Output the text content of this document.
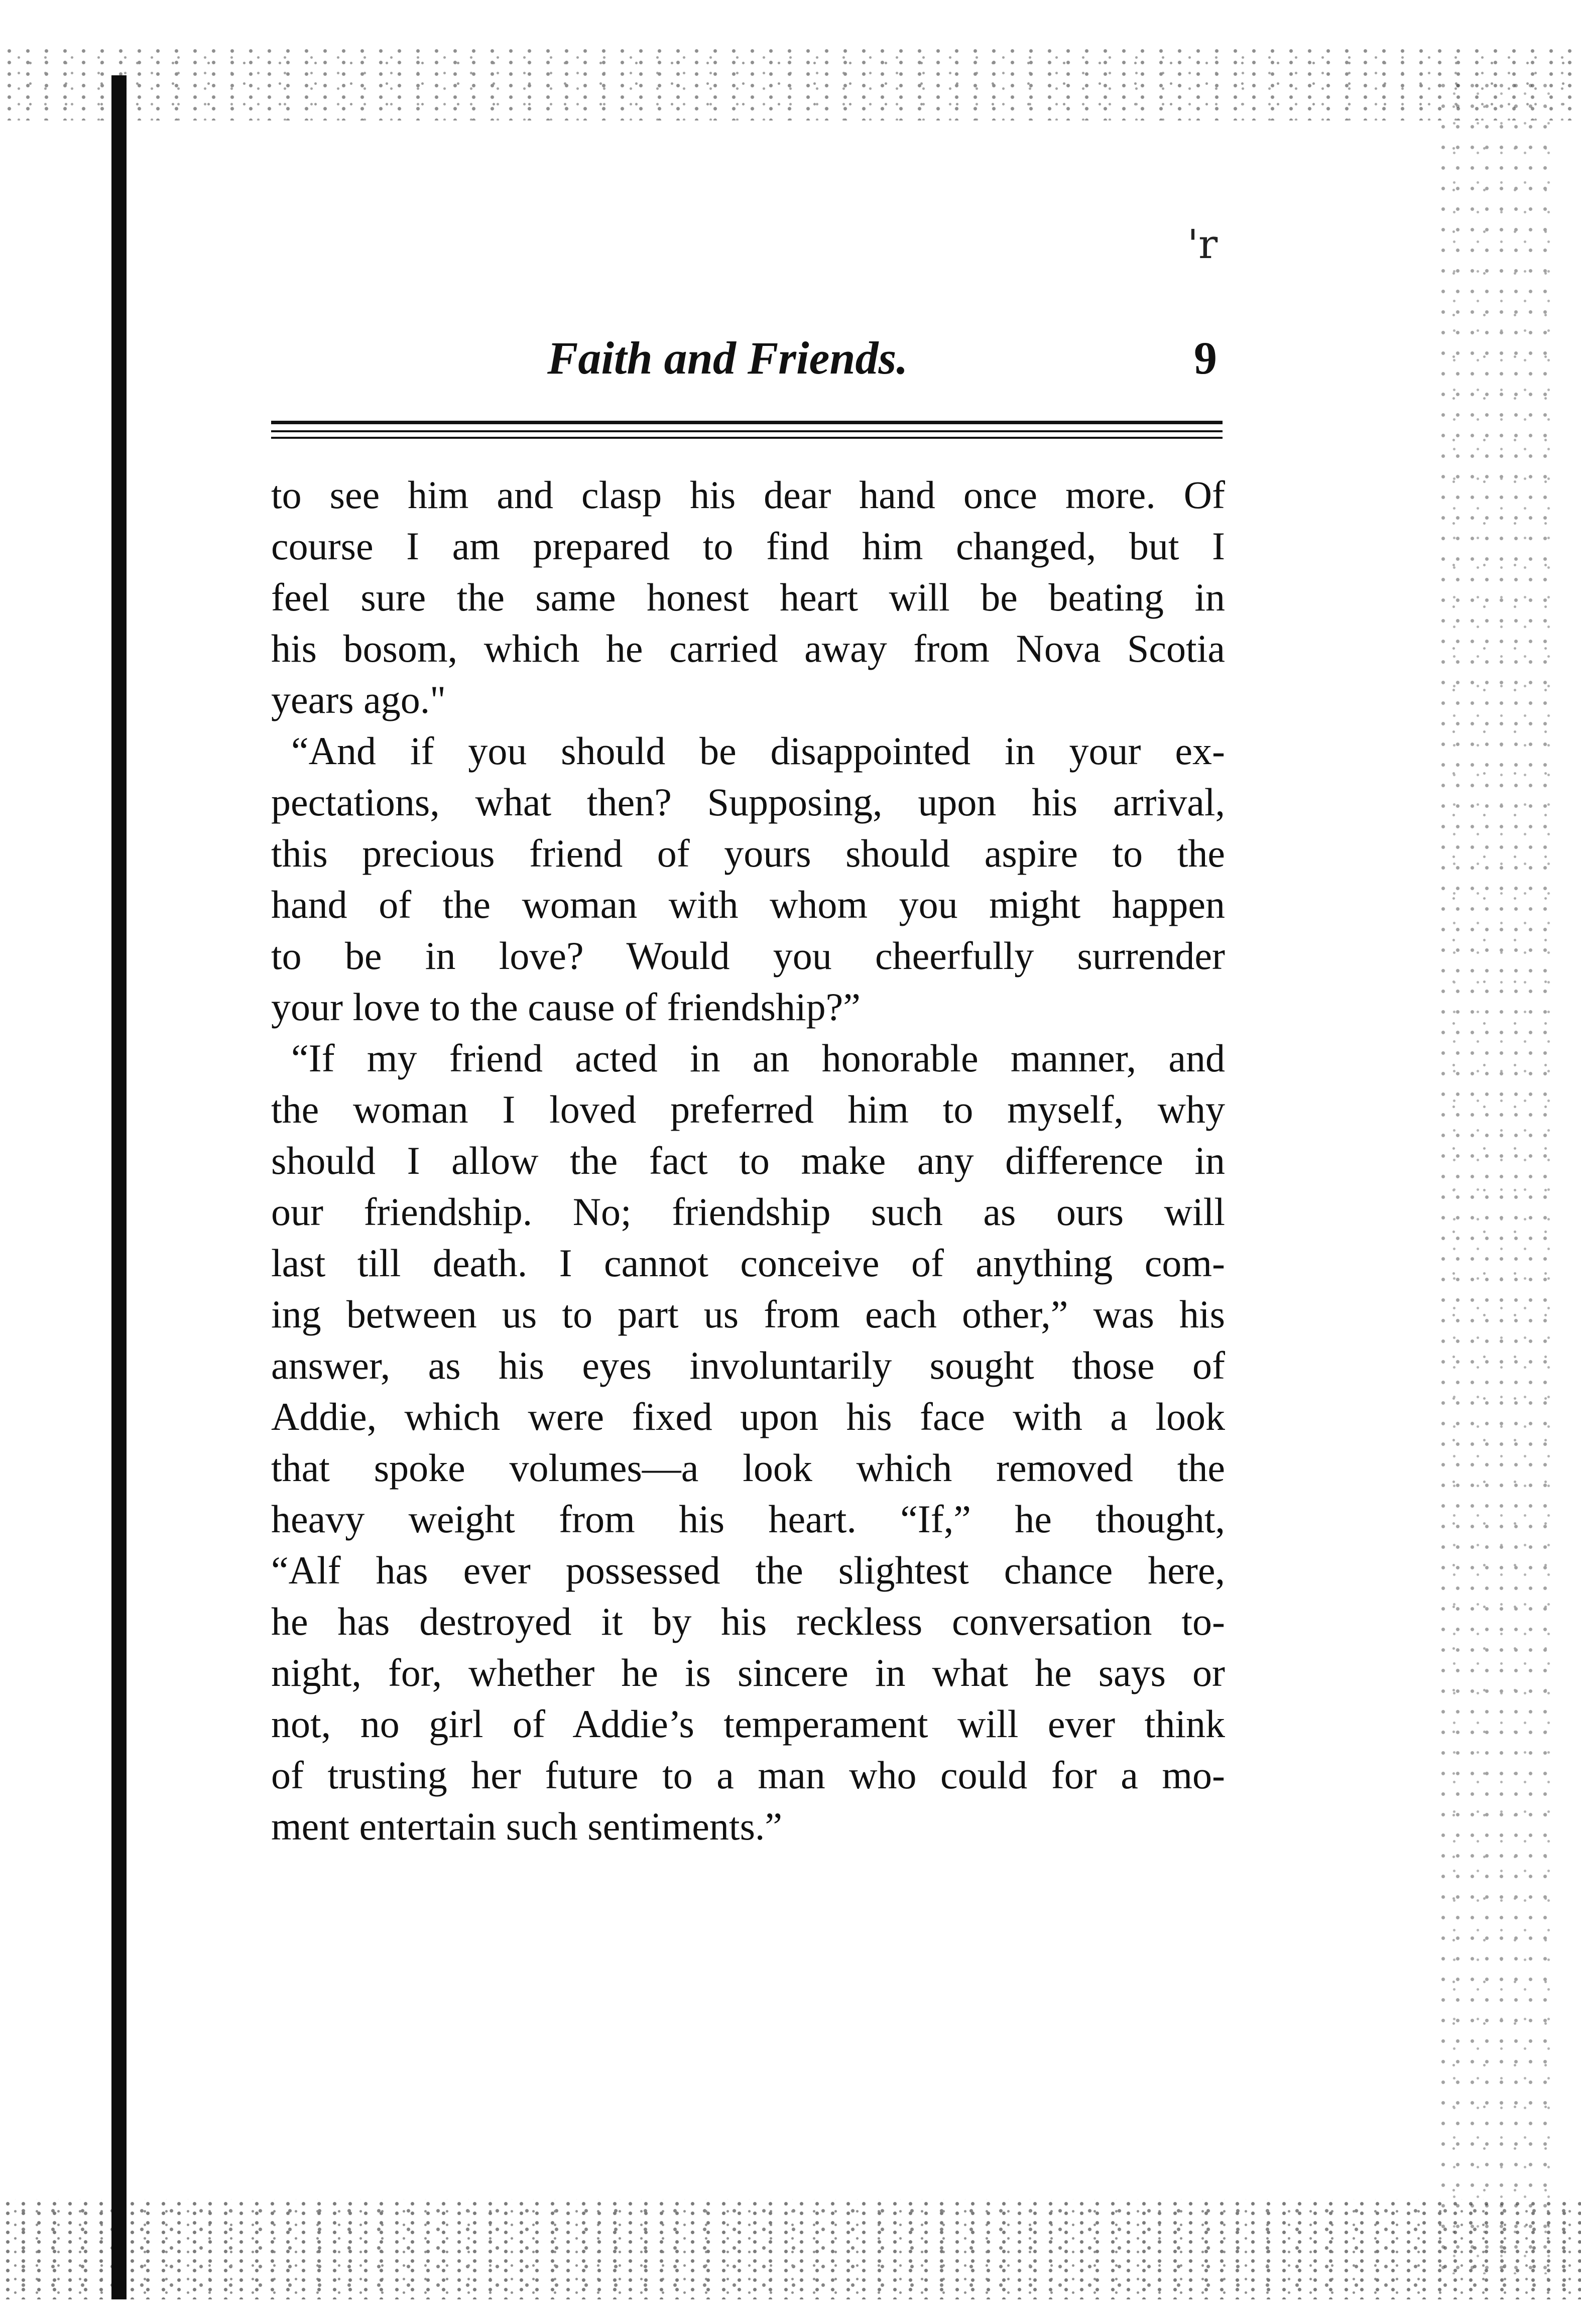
'r
Faith and Friends.	9
to see him and clasp his dear hand once more. Of
course I am prepared to find him changed, but I
feel sure the same honest heart will be beating in
his bosom, which he carried away from Nova Scotia
years ago."
“And if you should be disappointed in your ex-
pectations, what then? Supposing, upon his arrival,
this precious friend of yours should aspire to the
hand of the woman with whom you might happen
to be in love? Would you cheerfully surrender
your love to the cause of friendship?”
“If my friend acted in an honorable manner, and
the woman I loved preferred him to myself, why
should I allow the fact to make any difference in
our friendship. No; friendship such as ours will
last till death. I cannot conceive of anything com-
ing between us to part us from each other,” was his
answer, as his eyes involuntarily sought those of
Addie, which were fixed upon his face with a look
that spoke volumes—a look which removed the
heavy weight from his heart. “If,” he thought,
“Alf has ever possessed the slightest chance here,
he has destroyed it by his reckless conversation to-
night, for, whether he is sincere in what he says or
not, no girl of Addie’s temperament will ever think
of trusting her future to a man who could for a mo-
ment entertain such sentiments.”
